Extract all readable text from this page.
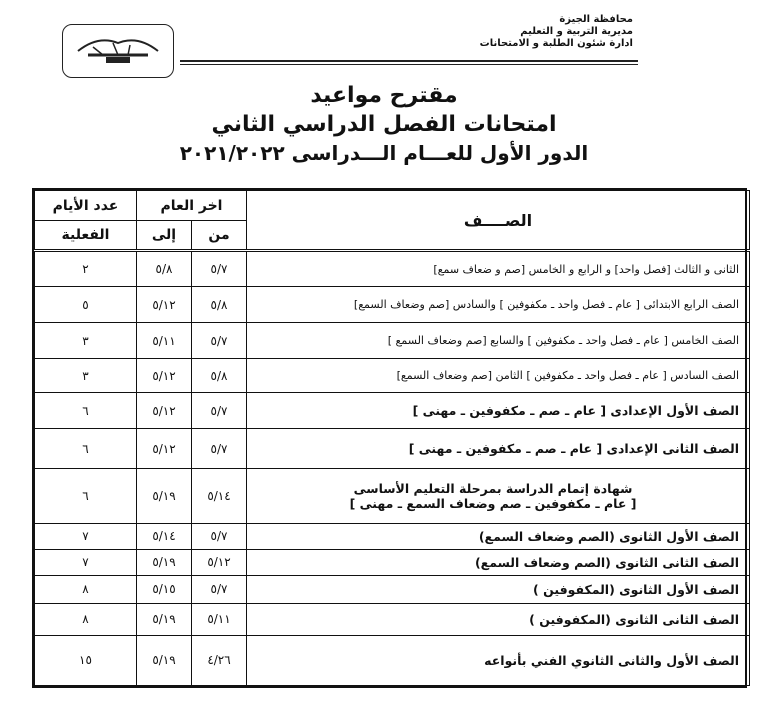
محافظة الجيزة
مديرية التربية و التعليم
ادارة شئون الطلبة و الامتحانات
مقترح مواعيد
امتحانات الفصل الدراسي الثاني
الدور الأول للعـــام الـــدراسى ٢٠٢١/٢٠٢٢
الصــــف	اخر العام		عدد الأيام
	من	إلى	الفعلية
الثانى و الثالث [فصل واحد] و الرابع و الخامس [صم و ضعاف سمع]	٥/٧	٥/٨	٢
الصف الرابع الابتدائى [ عام ـ فصل واحد ـ مكفوفين ] والسادس [صم وضعاف السمع]	٥/٨	٥/١٢	٥
الصف الخامس [ عام ـ فصل واحد ـ مكفوفين ] والسابع [صم وضعاف السمع ]	٥/٧	٥/١١	٣
الصف السادس [ عام ـ فصل واحد ـ مكفوفين ] الثامن [صم وضعاف السمع]	٥/٨	٥/١٢	٣
الصف الأول الإعدادى [ عام ـ صم ـ مكفوفين ـ مهنى ]	٥/٧	٥/١٢	٦
الصف الثانى الإعدادى [ عام ـ صم ـ مكفوفين ـ مهنى ]	٥/٧	٥/١٢	٦

شهادة إتمام الدراسة بمرحلة التعليم الأساسى
[ عام ـ مكفوفين ـ صم وضعاف السمع ـ مهنى ]	٥/١٤	٥/١٩	٦
الصف الأول الثانوى (الصم وضعاف السمع)	٥/٧	٥/١٤	٧
الصف الثانى الثانوى (الصم وضعاف السمع)	٥/١٢	٥/١٩	٧
الصف الأول الثانوى (المكفوفين )	٥/٧	٥/١٥	٨
الصف الثانى الثانوى (المكفوفين )	٥/١١	٥/١٩	٨
الصف الأول والثانى الثانوي الفني بأنواعه	٤/٢٦	٥/١٩	١٥
